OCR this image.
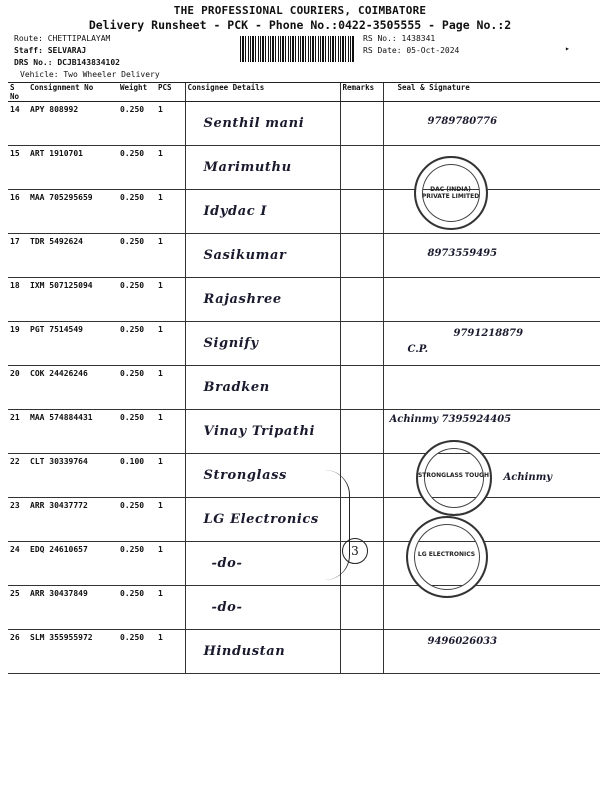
THE PROFESSIONAL COURIERS, COIMBATORE
Delivery Runsheet - PCK - Phone No.:0422-3505555 - Page No.:2
Route: CHETTIPALAYAM
Staff: SELVARAJ
DRS No.: DCJB143834102
Vehicle: Two Wheeler Delivery
RS No.: 1438341
RS Date: 05-Oct-2024	▸
S No	Consignment No	Weight	PCS	Consignee Details	Remarks	Seal & Signature
14	APY 808992	0.250	1	Senthil mani		9789780776

15	ART 1910701	0.250	1	Marimuthu		DAC (INDIA) PRIVATE LIMITED

16	MAA 705295659	0.250	1	Idydac I		

17	TDR 5492624	0.250	1	Sasikumar		8973559495

18	IXM 507125094	0.250	1	Rajashree		

19	PGT 7514549	0.250	1	Signify		9791218879
C.P.

20	COK 24426246	0.250	1	Bradken		

21	MAA 574884431	0.250	1	Vinay Tripathi		Achinmy 7395924405

22	CLT 30339764	0.100	1	Stronglass		STRONGLASS TOUGH Achinmy

23	ARR 30437772	0.250	1	LG Electronics		

24	EDQ 24610657	0.250	1	-do-		LG ELECTRONICS

25	ARR 30437849	0.250	1	-do-		

26	SLM 355955972	0.250	1	Hindustan		9496026033
3
